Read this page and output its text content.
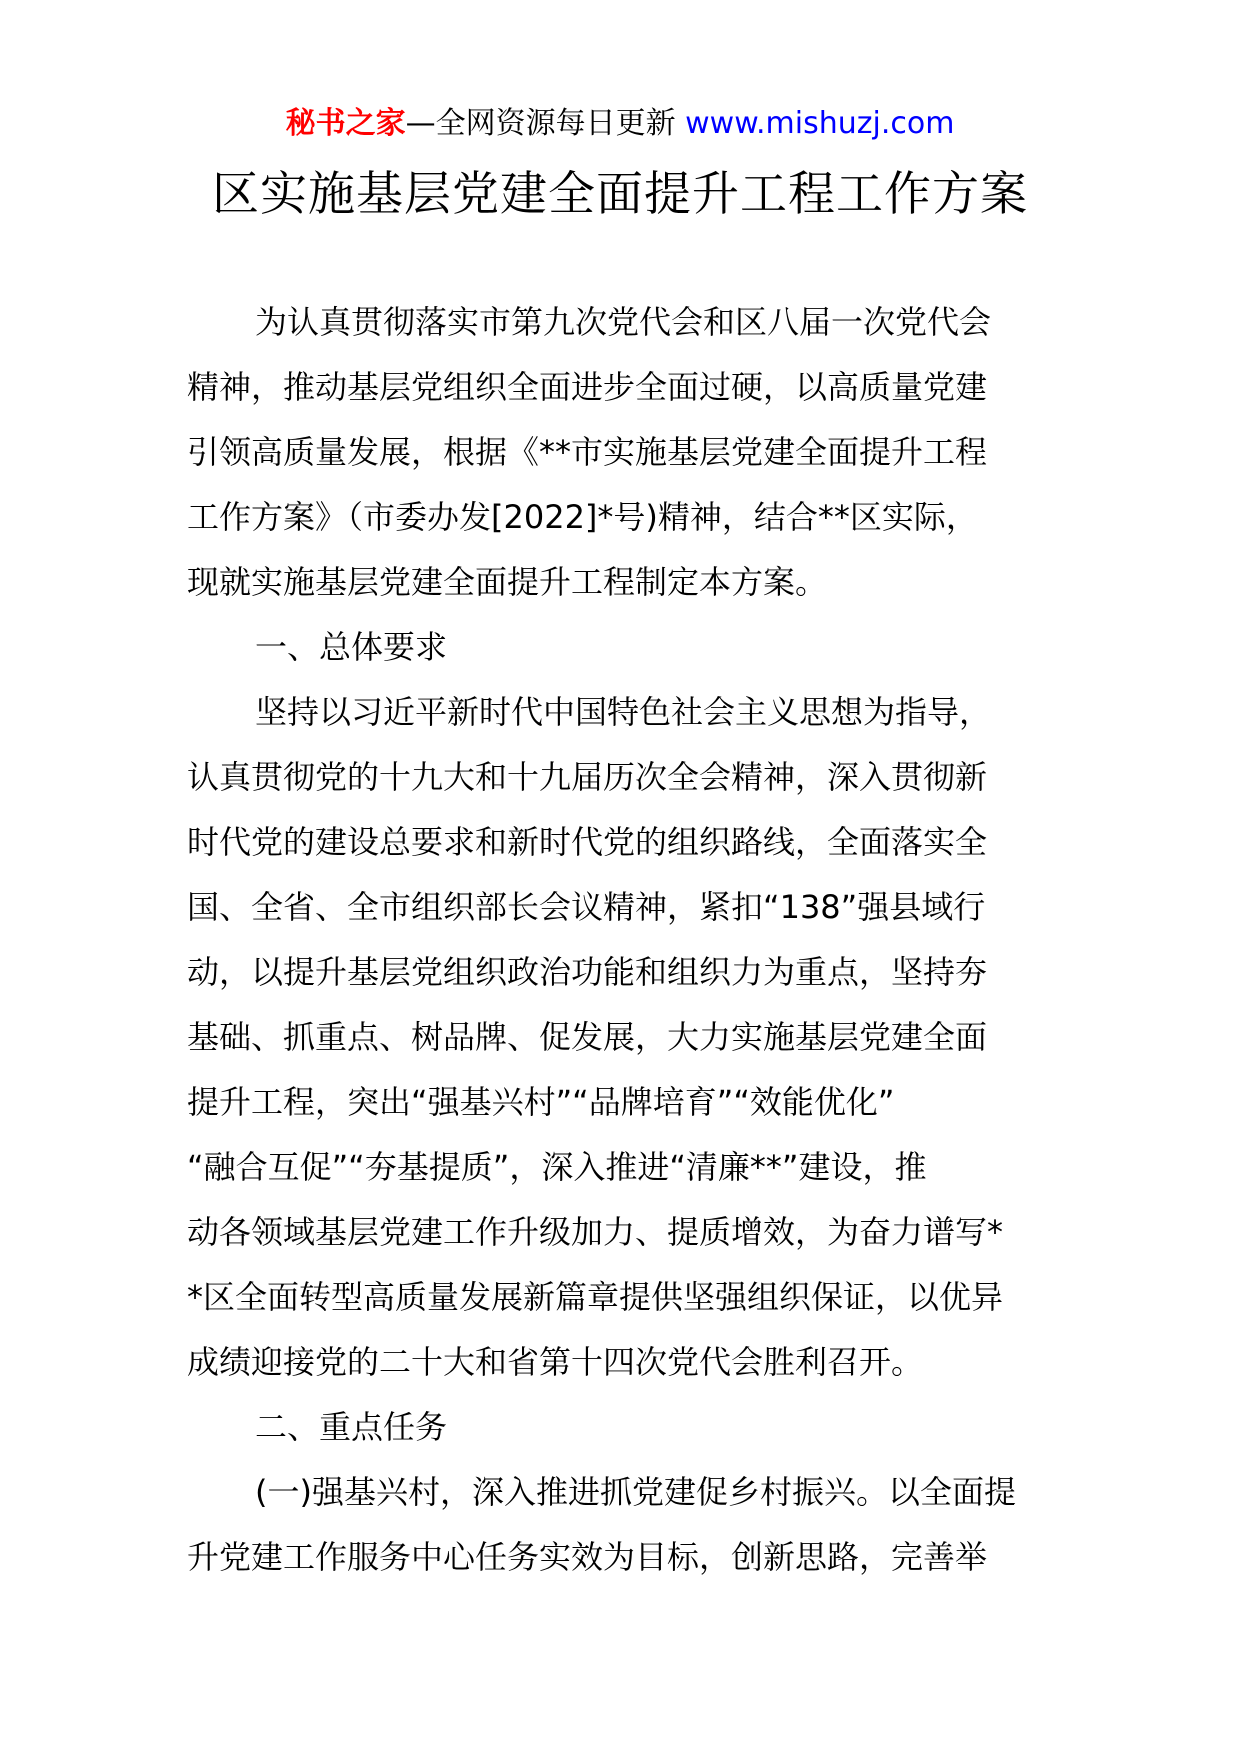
秘书之家—全网资源每日更新 www.mishuzj.com
区实施基层党建全面提升工程工作方案
为认真贯彻落实市第九次党代会和区八届一次党代会
精神，推动基层党组织全面进步全面过硬，以高质量党建
引领高质量发展，根据《**市实施基层党建全面提升工程
工作方案》（市委办发[2022]*号)精神，结合**区实际，
现就实施基层党建全面提升工程制定本方案。
一、总体要求
坚持以习近平新时代中国特色社会主义思想为指导，
认真贯彻党的十九大和十九届历次全会精神，深入贯彻新
时代党的建设总要求和新时代党的组织路线，全面落实全
国、全省、全市组织部长会议精神，紧扣“138”强县域行
动，以提升基层党组织政治功能和组织力为重点，坚持夯
基础、抓重点、树品牌、促发展，大力实施基层党建全面
提升工程，突出“强基兴村”“品牌培育”“效能优化”
“融合互促”“夯基提质”，深入推进“清廉**”建设，推
动各领域基层党建工作升级加力、提质增效，为奋力谱写*
*区全面转型高质量发展新篇章提供坚强组织保证，以优异
成绩迎接党的二十大和省第十四次党代会胜利召开。
二、重点任务
(一)强基兴村，深入推进抓党建促乡村振兴。以全面提
升党建工作服务中心任务实效为目标，创新思路，完善举
